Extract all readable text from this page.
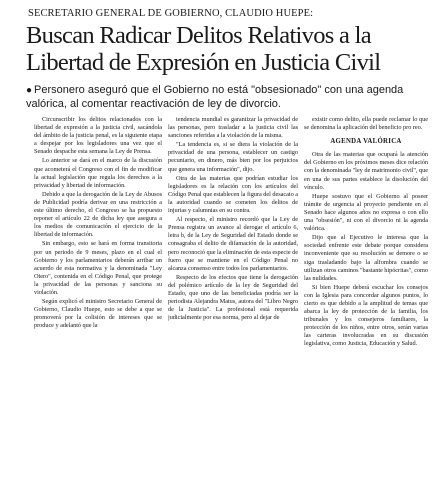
SECRETARIO GENERAL DE GOBIERNO, CLAUDIO HUEPE:
Buscan Radicar Delitos Relativos a la
Libertad de Expresión en Justicia Civil

● Personero aseguró que el Gobierno no está "obsesionado" con una agenda valórica, al comentar reactivación de ley de divorcio.

Circunscribir los delitos relacionados con la libertad de expresión a la justicia civil, sacándola del ámbito de la justicia penal, es la siguiente etapa a despejar por los legisladores una vez que el Senado despache esta semana la Ley de Prensa.

Lo anterior se dará en el marco de la discusión que acometerá el Congreso con el fin de modificar la actual legislación que regula los derechos a la privacidad y libertad de información.

Debido a que la derogación de la Ley de Abusos de Publicidad podría derivar en una restricción a este último derecho, el Congreso se ha propuesto reponer el artículo 22 de dicha ley que asegura a los medios de comunicación el ejercicio de la libertad de información.

Sin embargo, esto se hará en forma transitoria por un periodo de 9 meses, plazo en el cual el Gobierno y los parlamentarios deberán arribar un acuerdo de esta normativa y la denominada "Ley Otero", contenida en el Código Penal, que protege la privacidad de las personas y sanciona su violación.

Según explicó el ministro Secretario General de Gobierno, Claudio Huepe, esto se debe a que se promoverá por la colisión de intereses que se produce y adelantó que la

tendencia mundial es garantizar la privacidad de las personas, pero trasladar a la justicia civil las sanciones referidas a la violación de la misma.

"La tendencia es, si se diera la violación de la privacidad de una persona, establecer un castigo pecuniario, en dinero, más bien por los perjuicios que genera una información", dijo.

Otra de las materias que podrían estudiar los legisladores es la relación con los artículos del Código Penal que establecen la figura del desacato a la autoridad cuando se cometen los delitos de injurias y calumnias en su contra.

Al respecto, el ministro recordó que la Ley de Prensa registra un avance al derogar el artículo 6, letra b, de la Ley de Seguridad del Estado donde se consagraba el delito de difamación de la autoridad, pero reconoció que la eliminación de esta especie de fuero que se mantiene en el Código Penal no alcanza consenso entre todos los parlamentarios.

Respecto de los efectos que tiene la derogación del polémico artículo de la ley de Seguridad del Estado, que uno de las beneficiadas podría ser la periodista Alejandra Matus, autora del "Libro Negro de la Justicia". La profesional está requerida judicialmente por esa norma, pero al dejar de

existir como delito, ella puede reclamar lo que se denomina la aplicación del beneficio pro reo.

AGENDA VALÓRICA

Otra de las materias que ocupará la atención del Gobierno en los próximos meses dice relación con la denominada "ley de matrimonio civil", que en una de sus partes establece la disolución del vínculo.

Huepe sostuvo que el Gobierno al poseer trámite de urgencia al proyecto pendiente en el Senado hace algunos años no expresa o con ello una "obsesión", ni con el divorcio ni la agenda valórica.

Dijo que al Ejecutivo le interesa que la sociedad enfrente este debate porque considera inconveniente que su resolución se demore o se siga trasladando bajo la alfombra cuando se utilizan otros caminos "bastante hipócritas", como las nulidades.

Si bien Huepe deberá escuchar los consejos con la Iglesia para concordar algunos puntos, lo cierto es que debido a la amplitud de temas que abarca la ley de protección de la familia, los tribunales y los consejeros familiares, la protección de los niños, entre otros, serán varias las carteras involucradas en su discusión legislativa, como Justicia, Educación y Salud.
